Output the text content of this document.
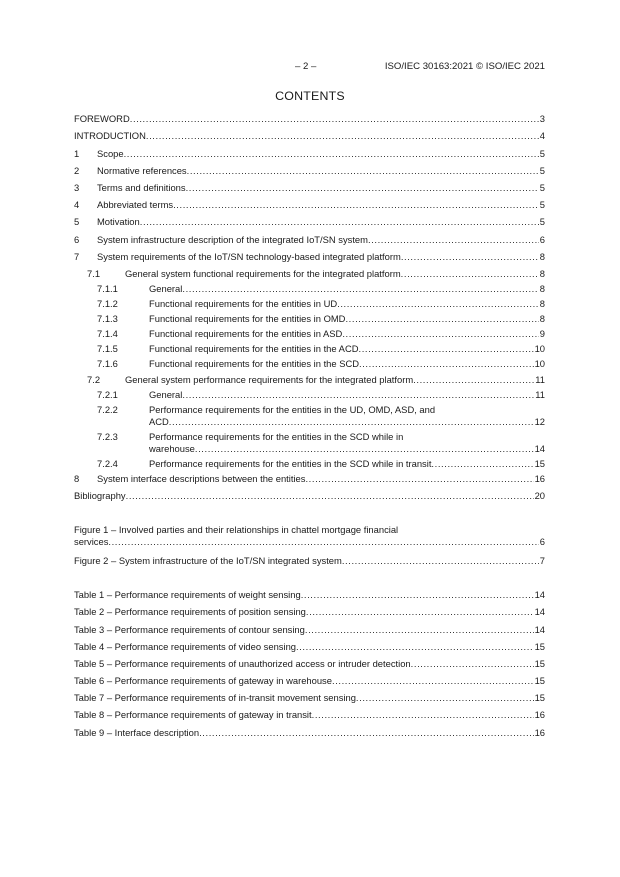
– 2 –	ISO/IEC 30163:2021 © ISO/IEC 2021
CONTENTS
FOREWORD .....	3
INTRODUCTION .....	4
1 Scope .....	5
2 Normative references .....	5
3 Terms and definitions .....	5
4 Abbreviated terms .....	5
5 Motivation .....	5
6 System infrastructure description of the integrated IoT/SN system .....	6
7 System requirements of the IoT/SN technology-based integrated platform .....	8
7.1	General system functional requirements for the integrated platform .....	8
7.1.1	General .....	8
7.1.2	Functional requirements for the entities in UD .....	8
7.1.3	Functional requirements for the entities in OMD .....	8
7.1.4	Functional requirements for the entities in ASD .....	9
7.1.5	Functional requirements for the entities in the ACD .....	10
7.1.6	Functional requirements for the entities in the SCD .....	10
7.2	General system performance requirements for the integrated platform .....	11
7.2.1	General .....	11
7.2.2	Performance requirements for the entities in the UD, OMD, ASD, and
ACD .....	12
7.2.3	Performance requirements for the entities in the SCD while in
warehouse .....	14
7.2.4	Performance requirements for the entities in the SCD while in transit .....	15
8 System interface descriptions between the entities .....	16
Bibliography .....	20
Figure 1 – Involved parties and their relationships in chattel mortgage financial
services .....	6
Figure 2 – System infrastructure of the IoT/SN integrated system .....	7
Table 1 – Performance requirements of weight sensing .....	14
Table 2 – Performance requirements of position sensing .....	14
Table 3 – Performance requirements of contour sensing .....	14
Table 4 – Performance requirements of video sensing .....	15
Table 5 – Performance requirements of unauthorized access or intruder detection .....	15
Table 6 – Performance requirements of gateway in warehouse .....	15
Table 7 – Performance requirements of in-transit movement sensing .....	15
Table 8 – Performance requirements of gateway in transit .....	16
Table 9 – Interface description .....	16
